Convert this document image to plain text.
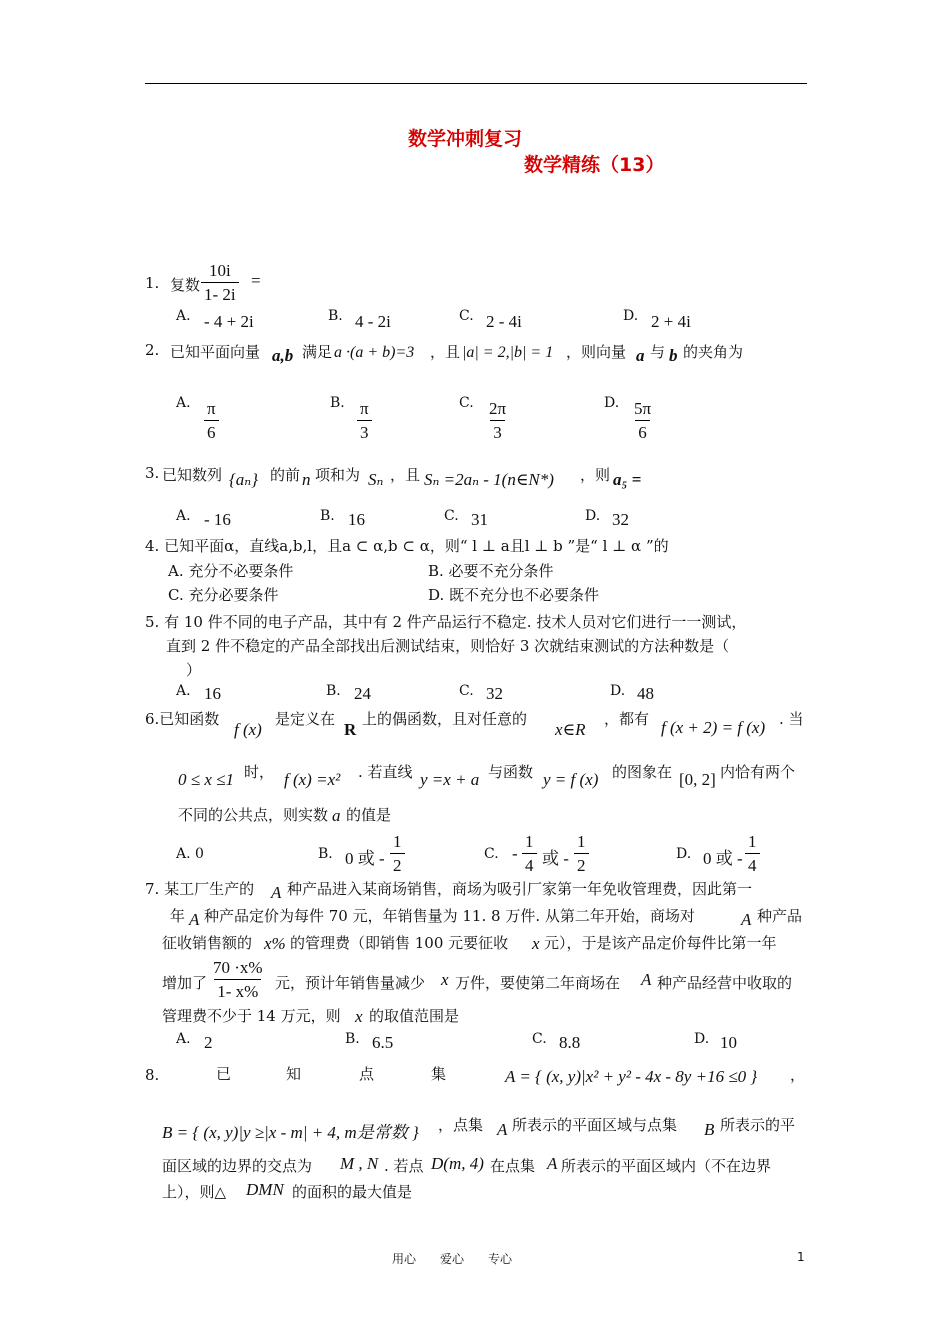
数学冲刺复习
数学精练（13）
1. 复数 $\frac{10i}{1- 2i}$ =
A. - 4 + 2i	B. 4 - 2i	C. 2 - 4i	D. 2 + 4i
2. 已知平面向量 a,b 满足 a ·(a + b)=3 ，且 |a| = 2,|b| = 1 ，则向量 a 与 b 的夹角为
A. $\frac{\pi}{6}$	B. $\frac{\pi}{3}$	C. $\frac{2\pi}{3}$	D. $\frac{5\pi}{6}$
3. 已知数列 {aₙ} 的前 n 项和为 Sₙ ，且 Sₙ =2aₙ - 1(n∈N*) ，则 a₅ =
A. - 16	B. 16	C. 31	D. 32
4. 已知平面α，直线a,b,l，且a ⊂ α,b ⊂ α，则“ l ⊥ a且l ⊥ b ”是“ l ⊥ α ”的
A. 充分不必要条件	B. 必要不充分条件
C. 充分必要条件	D. 既不充分也不必要条件
5. 有 10 件不同的电子产品，其中有 2 件产品运行不稳定. 技术人员对它们进行一一测试，
直到 2 件不稳定的产品全部找出后测试结束，则恰好 3 次就结束测试的方法种数是（
）
A. 16	B. 24	C. 32	D. 48
6.已知函数
f (x)
是定义在
R
上的偶函数，且对任意的
x∈R
，都有 f (x + 2) = f (x) . 当
0 ≤ x ≤1 时， f (x) =x² . 若直线 y =x + a 与函数 y = f (x) 的图象在 [0, 2] 内恰有两个
不同的公共点，则实数 a 的值是
A. 0	B. 0 或 - $\frac{1}{2}$	C. - $\frac{1}{4}$ 或 - $\frac{1}{2}$	D. 0 或 - $\frac{1}{4}$
7. 某工厂生产的 A 种产品进入某商场销售，商场为吸引厂家第一年免收管理费，因此第一
年 A 种产品定价为每件 70 元，年销售量为 11. 8 万件. 从第二年开始，商场对	A 种产品
征收销售额的 x% 的管理费（即销售 100 元要征收 x 元），于是该产品定价每件比第一年
增加了 $\frac{70 \cdot x\%}{1- x\%}$ 元，预计年销售量减少 x 万件，要使第二年商场在 A 种产品经营中收取的
管理费不少于 14 万元，则 x 的取值范围是
A. 2	B. 6.5	C. 8.8	D. 10
8.	已	知	点	集	A = { (x, y)|x² + y² - 4x - 8y +16 ≤0 } ，
B = { (x, y)|y ≥|x - m| + 4, m是常数 } ，点集 A 所表示的平面区域与点集 B 所表示的平
面区域的边界的交点为 M , N . 若点 D(m, 4) 在点集 A 所表示的平面区域内（不在边界
上），则△ DMN 的面积的最大值是
用心　　爱心　　专心	1
